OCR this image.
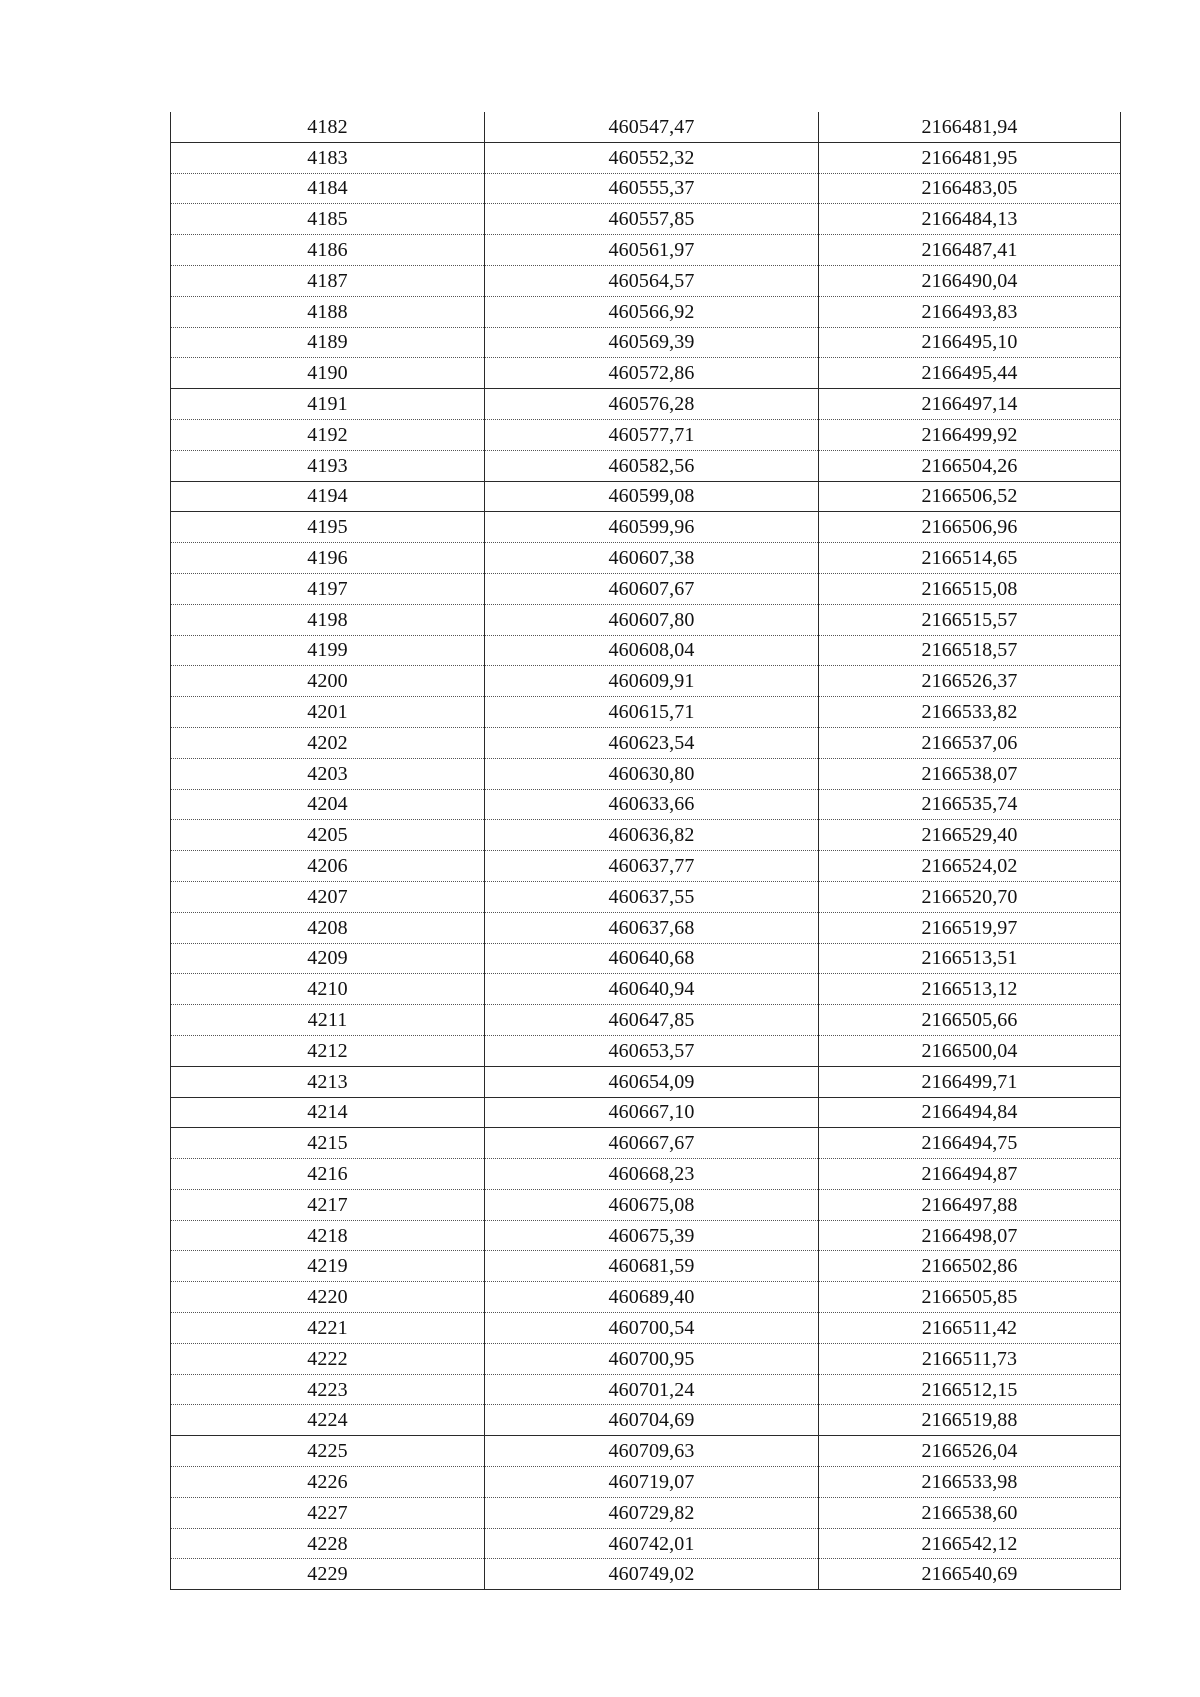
4182	460547,47	2166481,94
4183	460552,32	2166481,95
4184	460555,37	2166483,05
4185	460557,85	2166484,13
4186	460561,97	2166487,41
4187	460564,57	2166490,04
4188	460566,92	2166493,83
4189	460569,39	2166495,10
4190	460572,86	2166495,44
4191	460576,28	2166497,14
4192	460577,71	2166499,92
4193	460582,56	2166504,26
4194	460599,08	2166506,52
4195	460599,96	2166506,96
4196	460607,38	2166514,65
4197	460607,67	2166515,08
4198	460607,80	2166515,57
4199	460608,04	2166518,57
4200	460609,91	2166526,37
4201	460615,71	2166533,82
4202	460623,54	2166537,06
4203	460630,80	2166538,07
4204	460633,66	2166535,74
4205	460636,82	2166529,40
4206	460637,77	2166524,02
4207	460637,55	2166520,70
4208	460637,68	2166519,97
4209	460640,68	2166513,51
4210	460640,94	2166513,12
4211	460647,85	2166505,66
4212	460653,57	2166500,04
4213	460654,09	2166499,71
4214	460667,10	2166494,84
4215	460667,67	2166494,75
4216	460668,23	2166494,87
4217	460675,08	2166497,88
4218	460675,39	2166498,07
4219	460681,59	2166502,86
4220	460689,40	2166505,85
4221	460700,54	2166511,42
4222	460700,95	2166511,73
4223	460701,24	2166512,15
4224	460704,69	2166519,88
4225	460709,63	2166526,04
4226	460719,07	2166533,98
4227	460729,82	2166538,60
4228	460742,01	2166542,12
4229	460749,02	2166540,69
